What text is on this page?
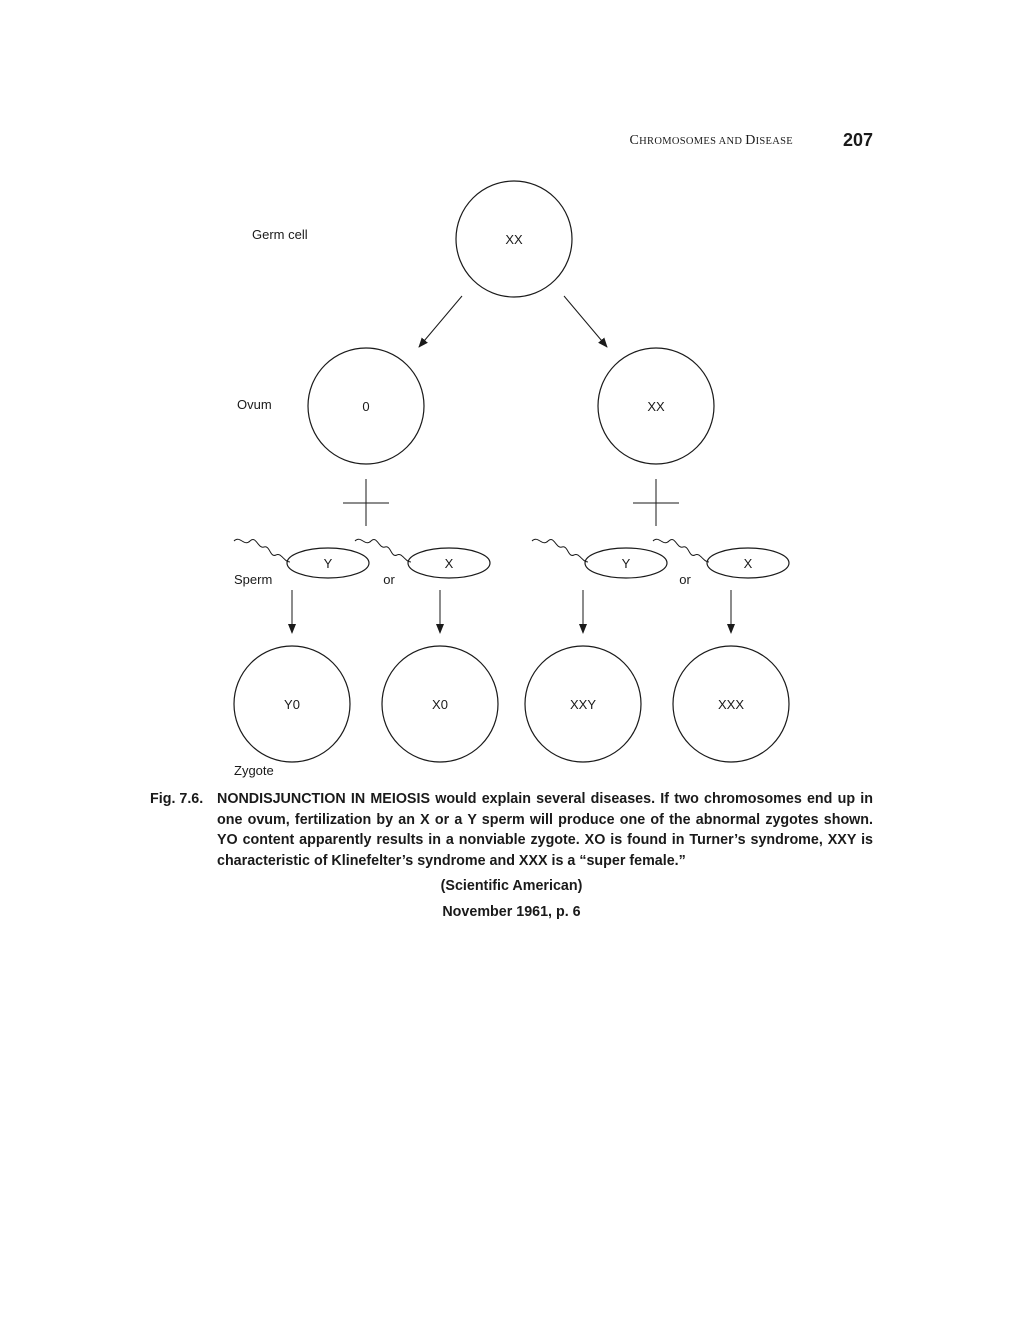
CHROMOSOMES AND DISEASE	207
Germ cell
Ovum
Sperm
Zygote
XX
0	XX
Y	X
or
Y	X
or
Y0	X0	XXY	XXX
Fig. 7.6. NONDISJUNCTION IN MEIOSIS would explain several diseases. If two chromosomes end up in one ovum, fertilization by an X or a Y sperm will produce one of the abnormal zygotes shown. YO content apparently results in a nonviable zygote. XO is found in Turner’s syndrome, XXY is characteristic of Klinefelter’s syndrome and XXX is a “super female.”
(Scientific American)
November 1961, p. 6
